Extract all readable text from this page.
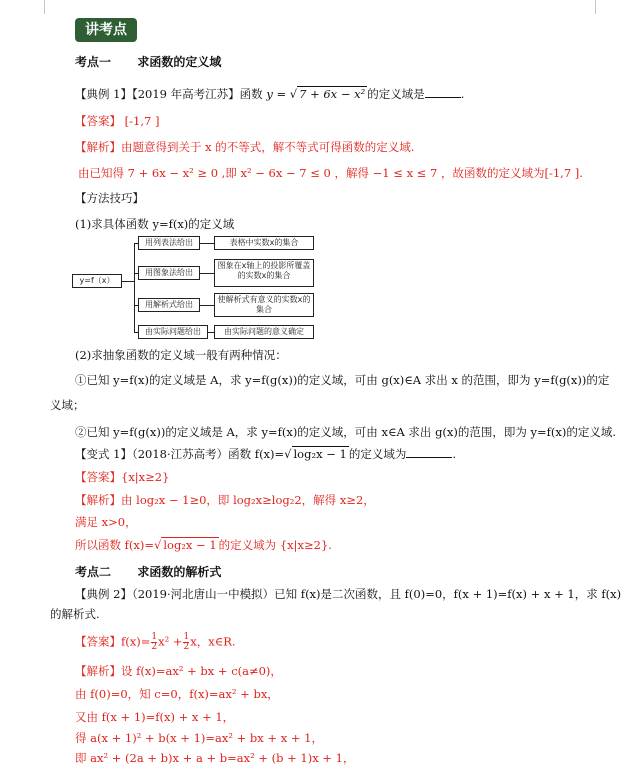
讲考点
考点一 求函数的定义域
【典例 1】【2019 年高考江苏】函数 y = √ 7 + 6x − x² 的定义域是	.
【答案】 [-1,7 ]
【解析】由题意得到关于 x 的不等式，解不等式可得函数的定义域.
由已知得 7 + 6x − x² ≥ 0 ,即 x² − 6x − 7 ≤ 0 ，解得 −1 ≤ x ≤ 7 ，故函数的定义域为[-1,7 ].
【方法技巧】
(1)求具体函数 y=f(x)的定义域
y=f（x）
用列表法给出
用图象法给出
用解析式给出
由实际问题给出
表格中实数x的集合
图象在x轴上的投影所覆盖的实数x的集合
使解析式有意义的实数x的集合
由实际问题的意义确定
(2)求抽象函数的定义域一般有两种情况：
①已知 y=f(x)的定义域是 A，求 y=f(g(x))的定义域，可由 g(x)∈A 求出 x 的范围，即为 y=f(g(x))的定
义域；
②已知 y=f(g(x))的定义域是 A，求 y=f(x)的定义域，可由 x∈A 求出 g(x)的范围，即为 y=f(x)的定义域.
【变式 1】（2018·江苏高考）函数 f(x)=√ log₂x − 1 的定义域为	.
【答案】{x|x≥2}
【解析】由 log₂x − 1≥0，即 log₂x≥log₂2，解得 x≥2，
满足 x>0，
所以函数 f(x)=√ log₂x − 1 的定义域为 {x|x≥2}.
考点二 求函数的解析式
【典例 2】（2019·河北唐山一中模拟）已知 f(x)是二次函数，且 f(0)=0，f(x + 1)=f(x) + x + 1，求 f(x)
的解析式.
【答案】$f(x)= \frac{1}{2} x^2 + \frac{1}{2}$ x，x∈R.
【解析】设 f(x)=ax² + bx + c(a≠0)，
由 f(0)=0，知 c=0，f(x)=ax² + bx，
又由 f(x + 1)=f(x) + x + 1，
得 a(x + 1)² + b(x + 1)=ax² + bx + x + 1，
即 ax² + (2a + b)x + a + b=ax² + (b + 1)x + 1，
